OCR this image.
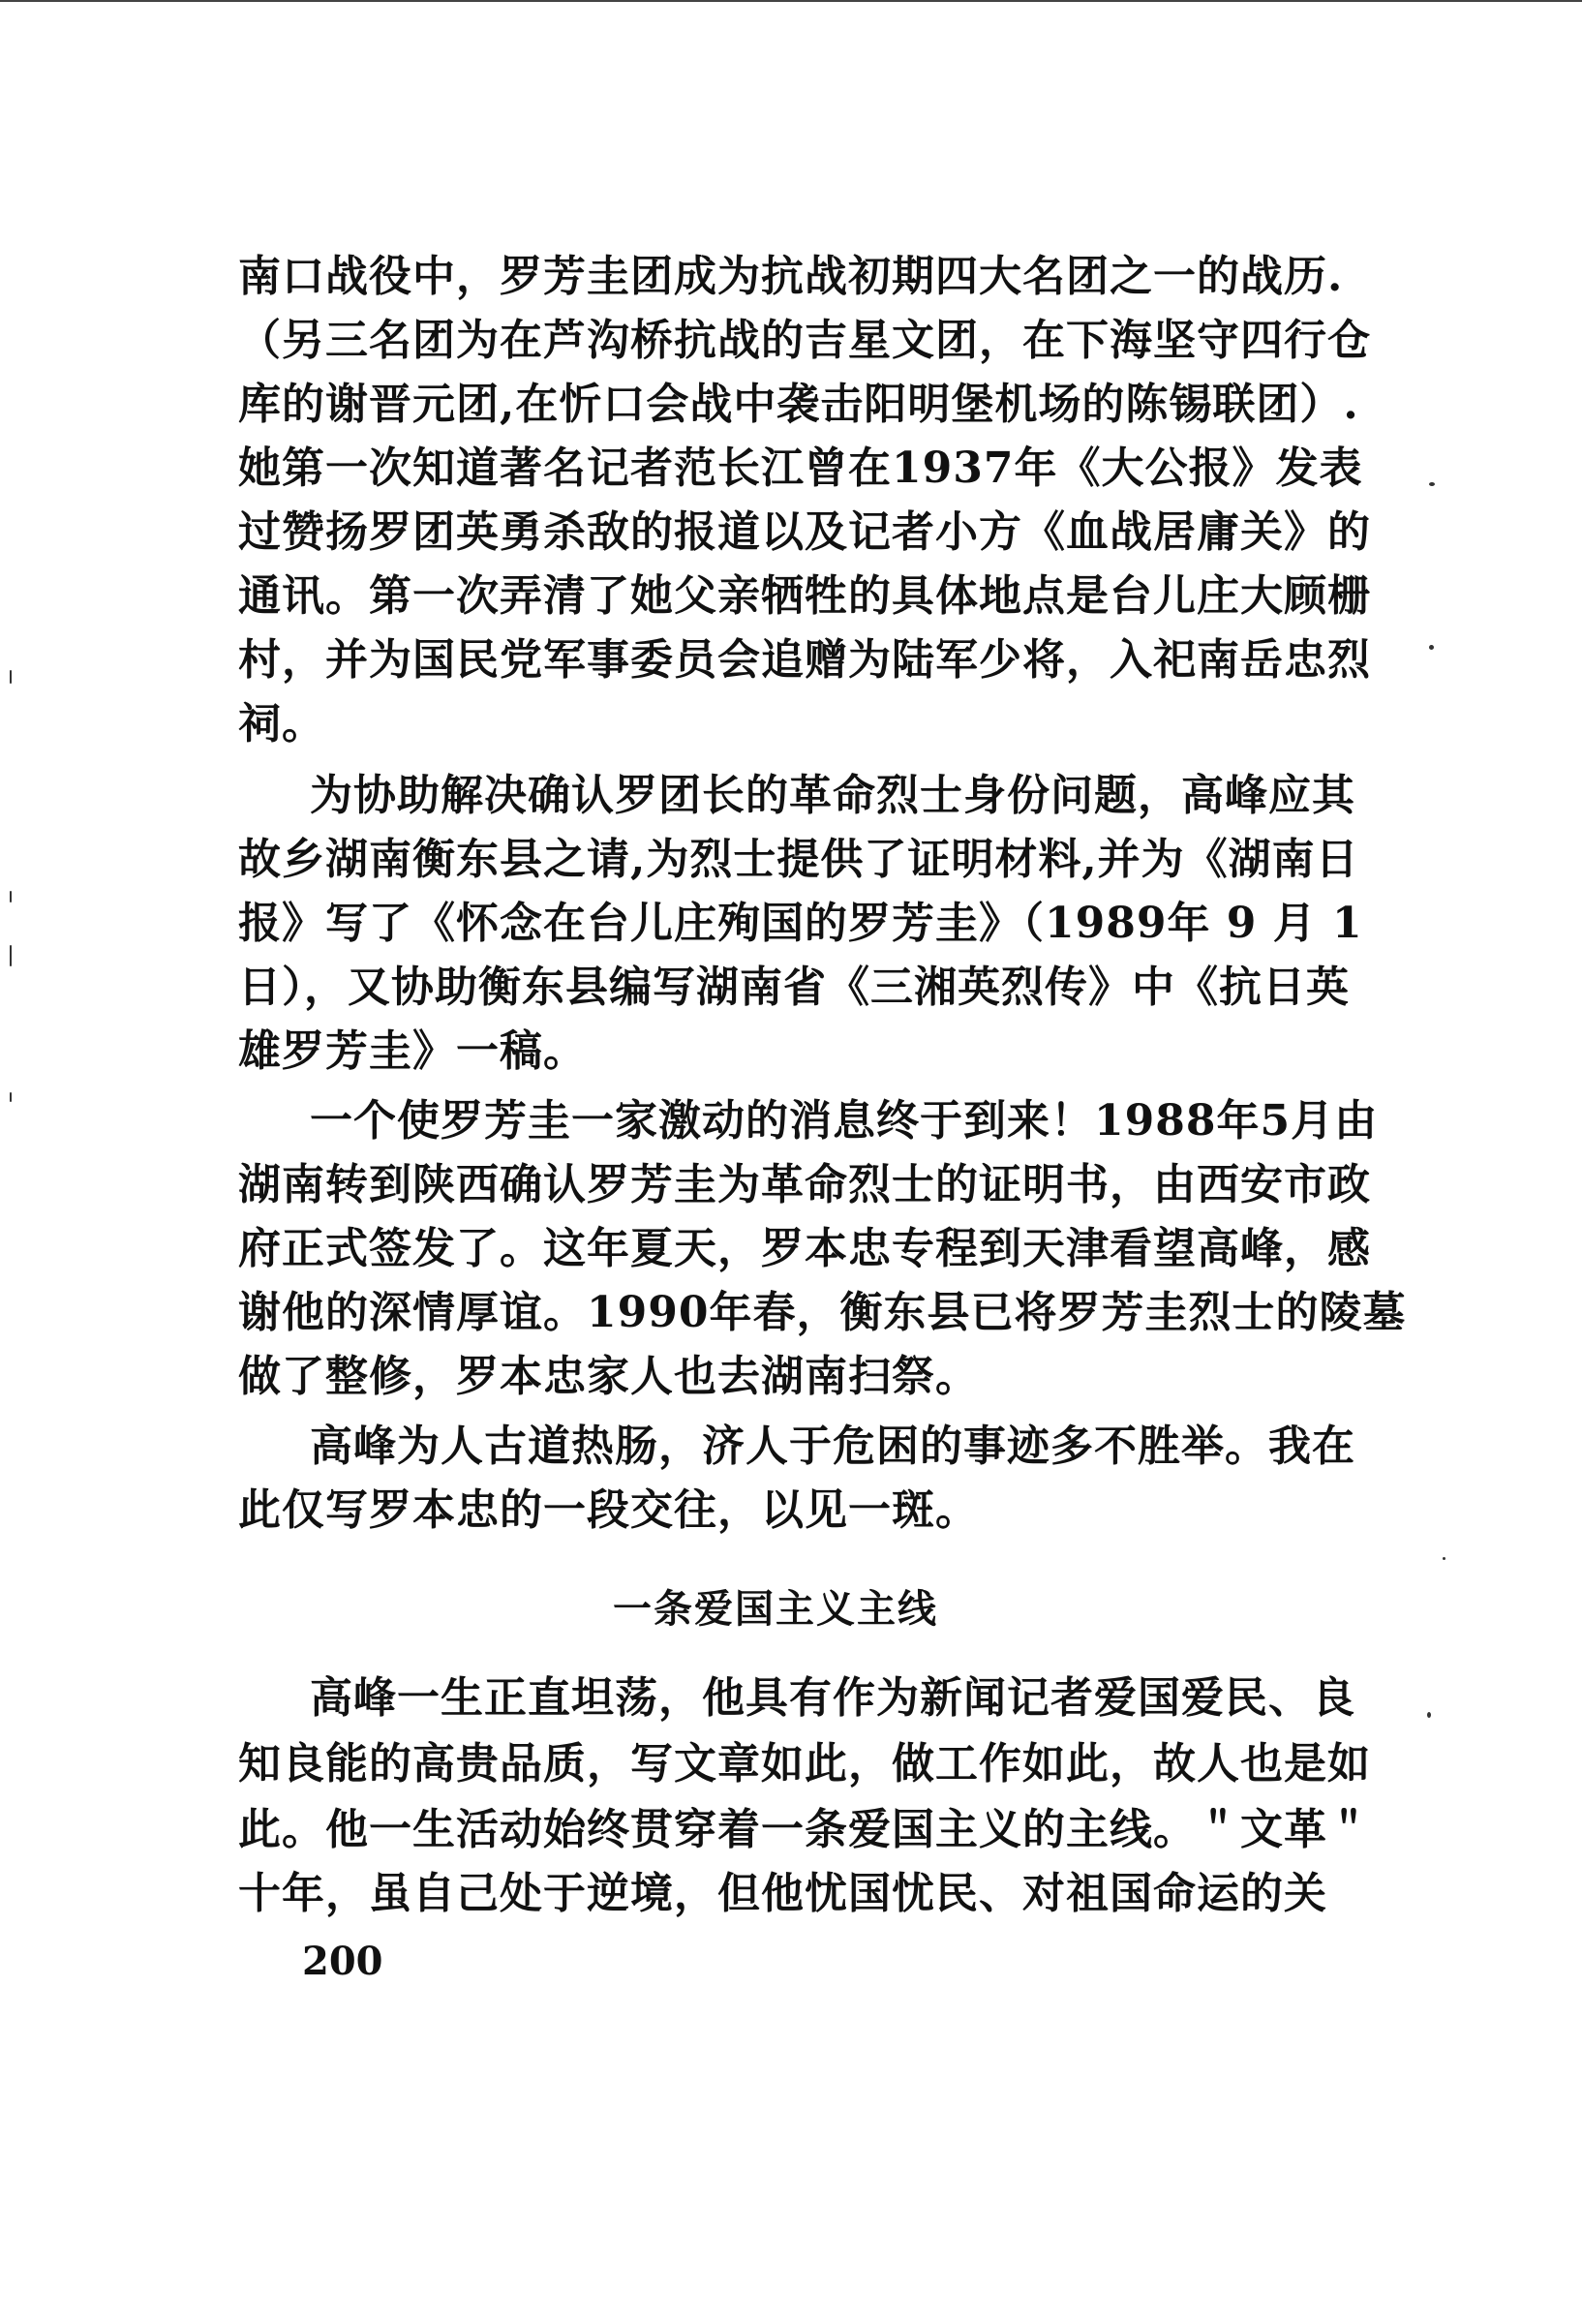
南口战役中，罗芳圭团成为抗战初期四大名团之一的战历.
（另三名团为在芦沟桥抗战的吉星文团，在下海坚守四行仓
库的谢晋元团,在忻口会战中袭击阳明堡机场的陈锡联团）.
她第一次知道著名记者范长江曾在1937年《大公报》发表
过赞扬罗团英勇杀敌的报道以及记者小方《血战居庸关》的
通讯。第一次弄清了她父亲牺牲的具体地点是台儿庄大顾栅
村，并为国民党军事委员会追赠为陆军少将，入祀南岳忠烈
祠。
为协助解决确认罗团长的革命烈士身份问题，高峰应其
故乡湖南衡东县之请,为烈士提供了证明材料,并为《湖南日
报》写了《怀念在台儿庄殉国的罗芳圭》（1989年 9 月 1
日），又协助衡东县编写湖南省《三湘英烈传》中《抗日英
雄罗芳圭》一稿。
一个使罗芳圭一家激动的消息终于到来！1988年5月由
湖南转到陕西确认罗芳圭为革命烈士的证明书，由西安市政
府正式签发了。这年夏天，罗本忠专程到天津看望高峰，感
谢他的深情厚谊。1990年春，衡东县已将罗芳圭烈士的陵墓
做了整修，罗本忠家人也去湖南扫祭。
高峰为人古道热肠，济人于危困的事迹多不胜举。我在
此仅写罗本忠的一段交往，以见一斑。
一条爱国主义主线
高峰一生正直坦荡，他具有作为新闻记者爱国爱民、良
知良能的高贵品质，写文章如此，做工作如此，故人也是如
此。他一生活动始终贯穿着一条爱国主义的主线。＂文革＂
十年，虽自己处于逆境，但他忧国忧民、对祖国命运的关
200
